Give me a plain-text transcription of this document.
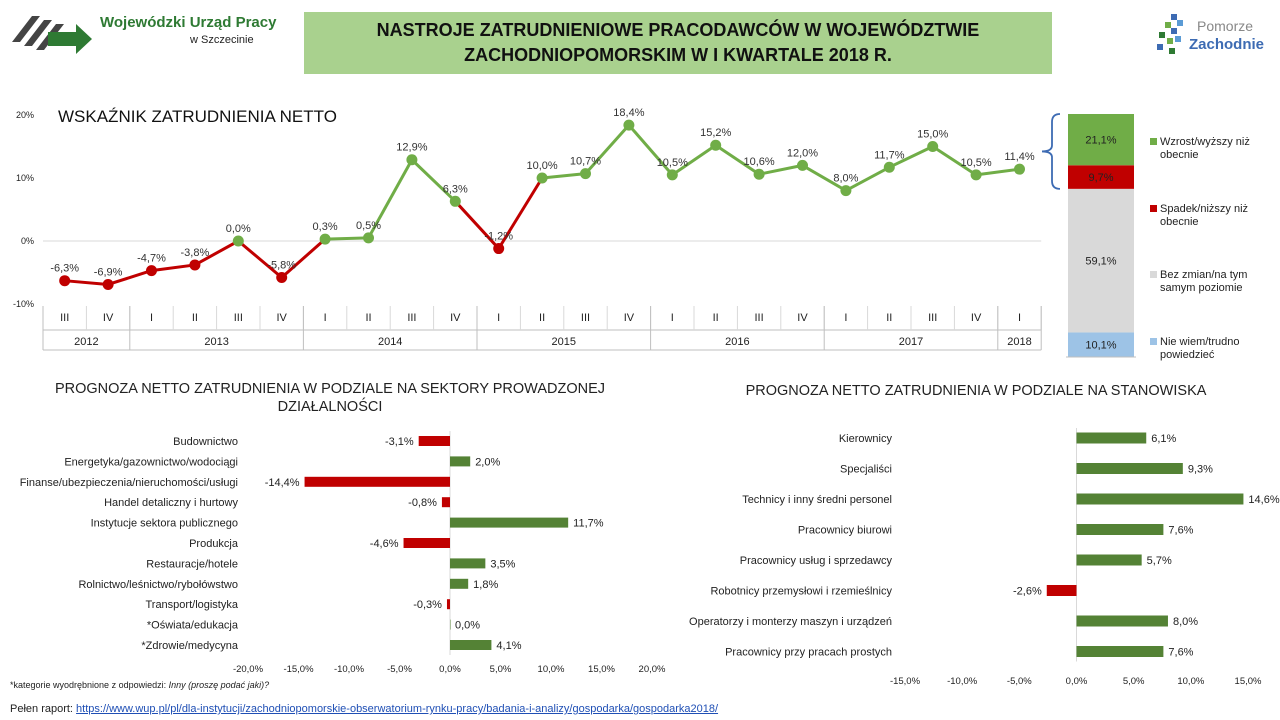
Wojewódzki Urząd Pracy
w Szczecinie	NASTROJE ZATRUDNIENIOWE PRACODAWCÓW W WOJEWÓDZTWIE ZACHODNIOPOMORSKIM W I KWARTALE 2018 R.
Pomorze
Zachodnie
WSKAŹNIK ZATRUDNIENIA NETTO
20%
10%
0%
-10%
III	IV	I	II	III	IV	I	II	III	IV	I	II	III	IV	I	II	III	IV	I	II	III	IV	I
2012	2013	2014	2015	2016	2017	2018
-6,3% -6,9%
-4,7% -3,8%
0,0%
-5,8%
0,3% 0,5%
12,9%
6,3%
-1,2%
10,0% 10,7%
18,4%
10,5%
15,2%
10,6%
12,0%
8,0%
11,7%
15,0%
10,5% 11,4%
10,1%
59,1%
9,7%
21,1%	Wzrost/wyższy niż obecnie
Spadek/niższy niż obecnie
Bez zmian/na tym samym poziomie
Nie wiem/trudno powiedzieć
PROGNOZA NETTO ZATRUDNIENIA W PODZIALE NA SEKTORY PROWADZONEJ
DZIAŁALNOŚCI
Budownictwo	-3,1%
Energetyka/gazownictwo/wodociągi	2,0%
Finanse/ubezpieczenia/nieruchomości/usługi -14,4%
Handel detaliczny i hurtowy	-0,8%
Instytucje sektora publicznego	11,7%
Produkcja	-4,6%
Restauracje/hotele	3,5%
Rolnictwo/leśnictwo/rybołówstwo	1,8%
Transport/logistyka	-0,3%
*Oświata/edukacja	0,0%
*Zdrowie/medycyna	4,1%
-20,0% -15,0% -10,0% -5,0%	0,0%	5,0%	10,0% 15,0% 20,0%
PROGNOZA NETTO ZATRUDNIENIA W PODZIALE NA STANOWISKA
Kierownicy	6,1%
Specjaliści	9,3%
Technicy i inny średni personel	14,6%
Pracownicy biurowi	7,6%
Pracownicy usług i sprzedawcy	5,7%
Robotnicy przemysłowi i rzemieślnicy	-2,6%
Operatorzy i monterzy maszyn i urządzeń	8,0%
Pracownicy przy pracach prostych	7,6%
-15,0%	-10,0%	-5,0%	0,0%	5,0%	10,0%	15,0%
*kategorie wyodrębnione z odpowiedzi: Inny (proszę podać jaki)?
Pełen raport: https://www.wup.pl/pl/dla-instytucji/zachodniopomorskie-obserwatorium-rynku-pracy/badania-i-analizy/gospodarka/gospodarka2018/
